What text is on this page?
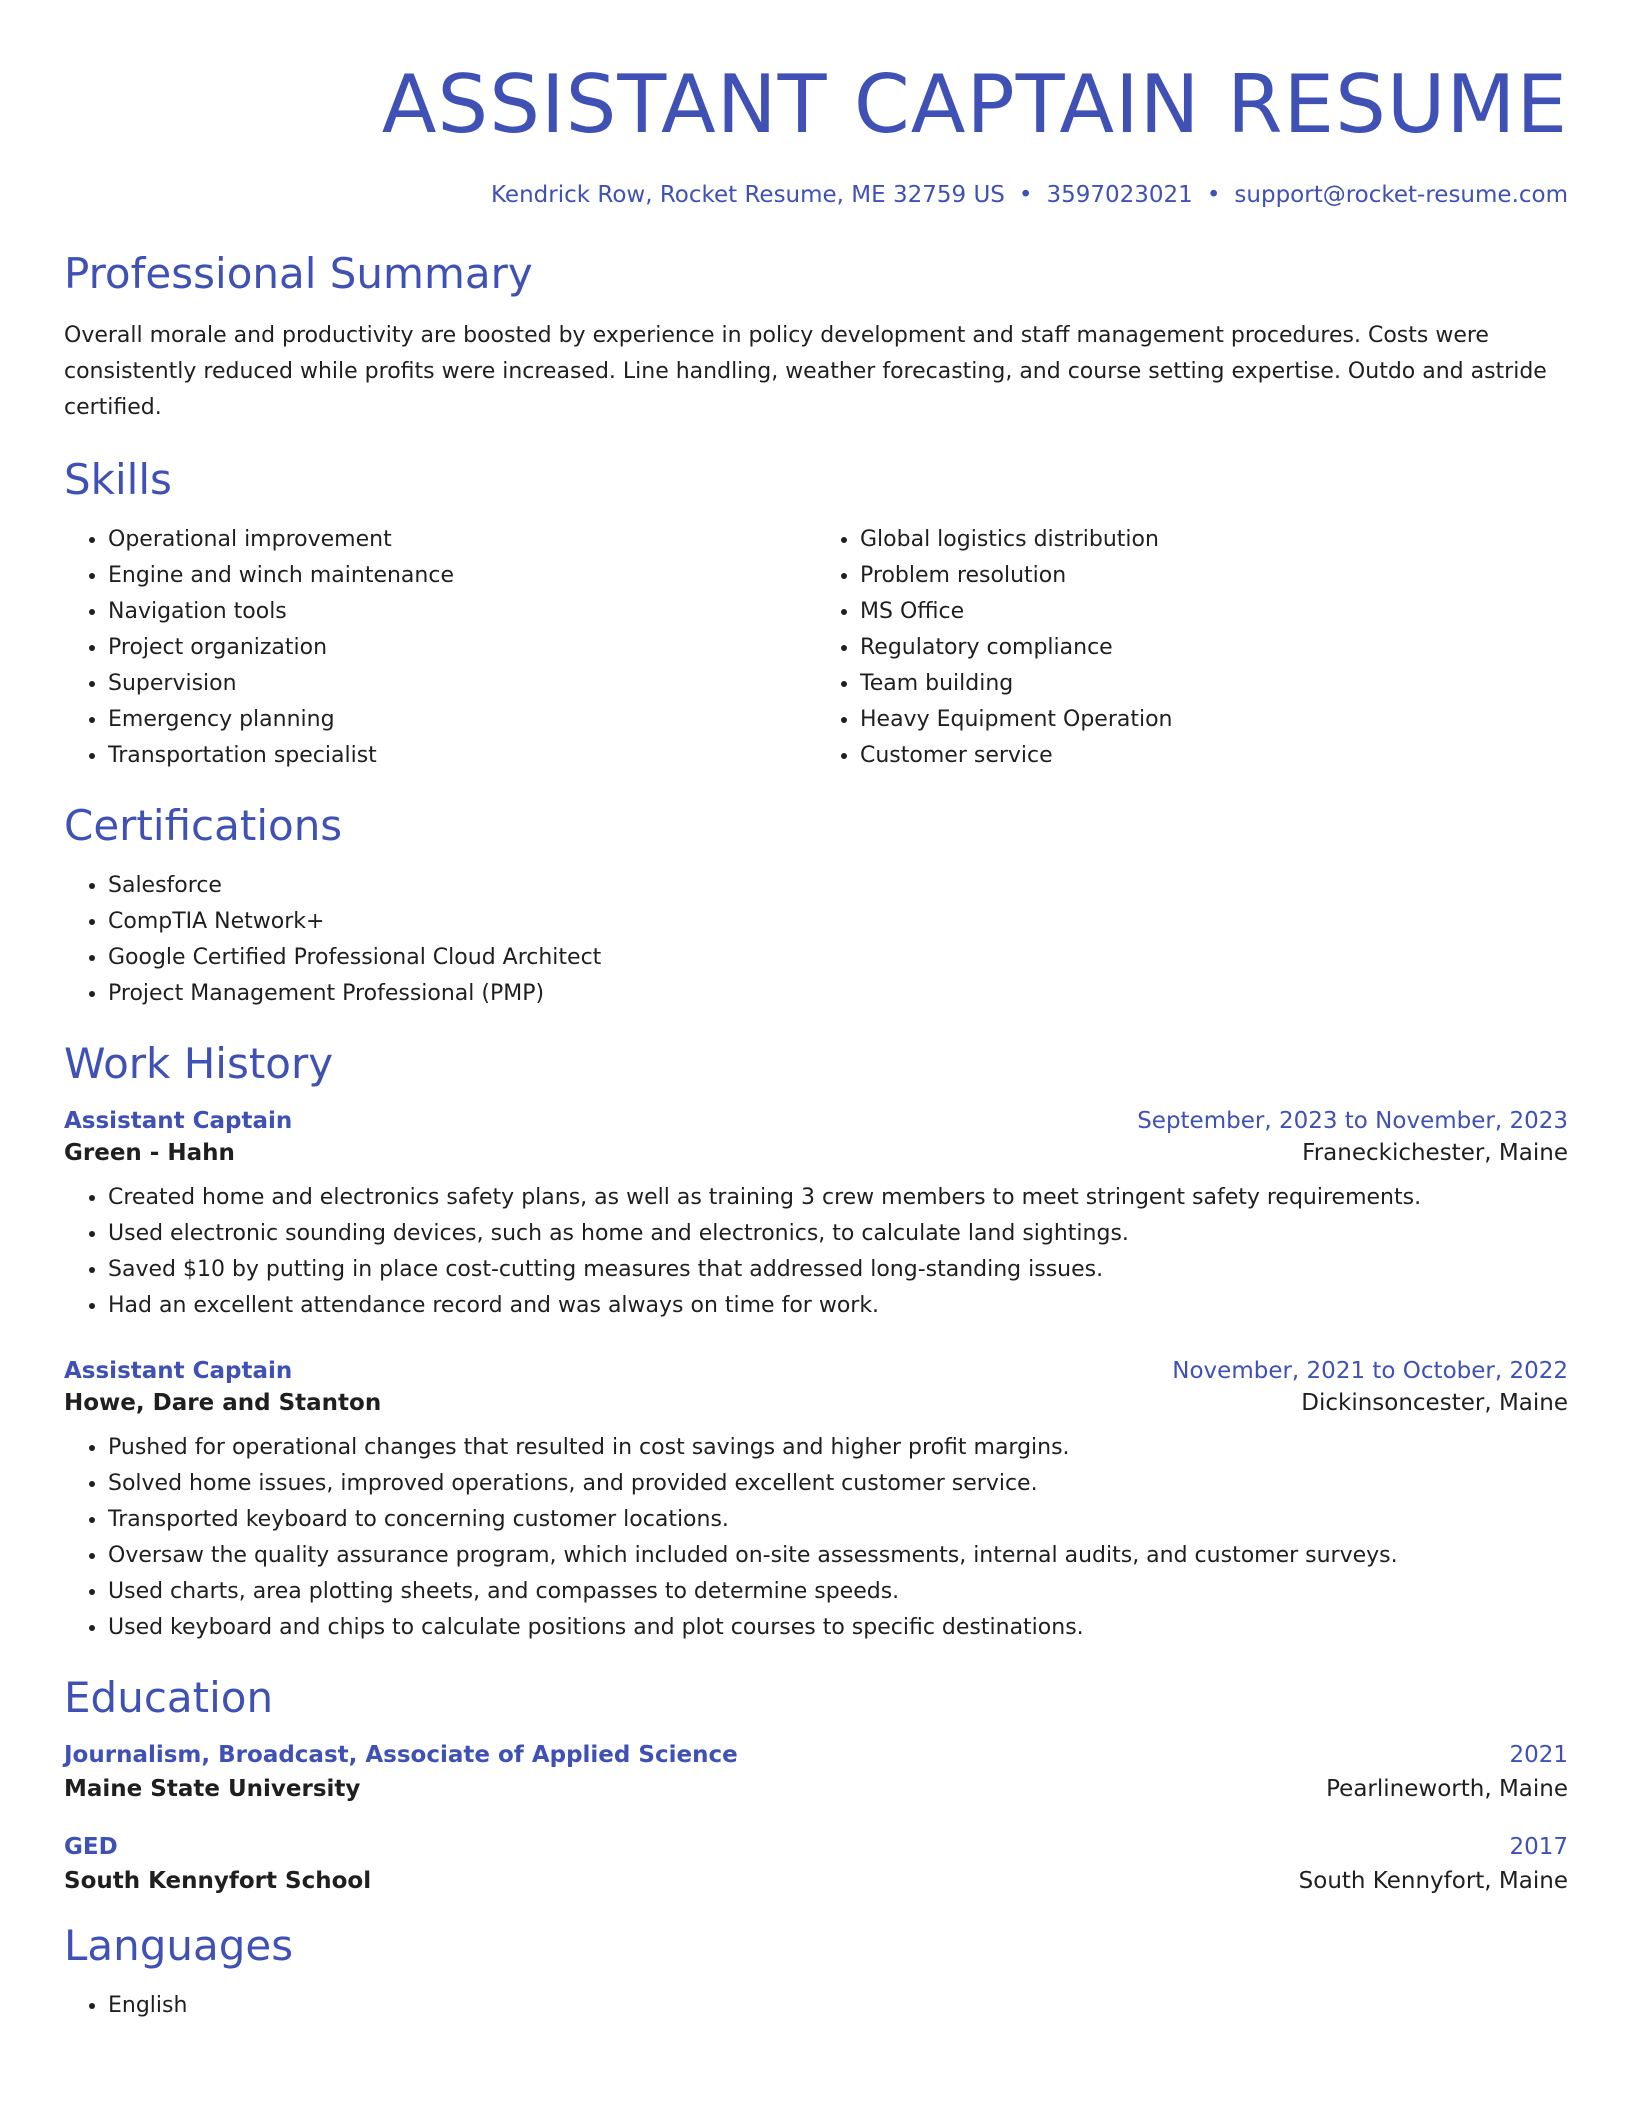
ASSISTANT CAPTAIN RESUME
Kendrick Row, Rocket Resume, ME 32759 US • 3597023021 • support@rocket-resume.com
Professional Summary
Overall morale and productivity are boosted by experience in policy development and staff management procedures. Costs were consistently reduced while profits were increased. Line handling, weather forecasting, and course setting expertise. Outdo and astride certified.
Skills
• Operational improvement
• Engine and winch maintenance
• Navigation tools
• Project organization
• Supervision
• Emergency planning
• Transportation specialist
• Global logistics distribution
• Problem resolution
• MS Office
• Regulatory compliance
• Team building
• Heavy Equipment Operation
• Customer service
Certifications
• Salesforce
• CompTIA Network+
• Google Certified Professional Cloud Architect
• Project Management Professional (PMP)
Work History
Assistant Captain	September, 2023 to November, 2023
Green - Hahn	Franeckichester, Maine
• Created home and electronics safety plans, as well as training 3 crew members to meet stringent safety requirements.
• Used electronic sounding devices, such as home and electronics, to calculate land sightings.
• Saved $10 by putting in place cost-cutting measures that addressed long-standing issues.
• Had an excellent attendance record and was always on time for work.
Assistant Captain	November, 2021 to October, 2022
Howe, Dare and Stanton	Dickinsoncester, Maine
• Pushed for operational changes that resulted in cost savings and higher profit margins.
• Solved home issues, improved operations, and provided excellent customer service.
• Transported keyboard to concerning customer locations.
• Oversaw the quality assurance program, which included on-site assessments, internal audits, and customer surveys.
• Used charts, area plotting sheets, and compasses to determine speeds.
• Used keyboard and chips to calculate positions and plot courses to specific destinations.
Education
Journalism, Broadcast, Associate of Applied Science	2021
Maine State University	Pearlineworth, Maine
GED	2017
South Kennyfort School	South Kennyfort, Maine
Languages
• English
